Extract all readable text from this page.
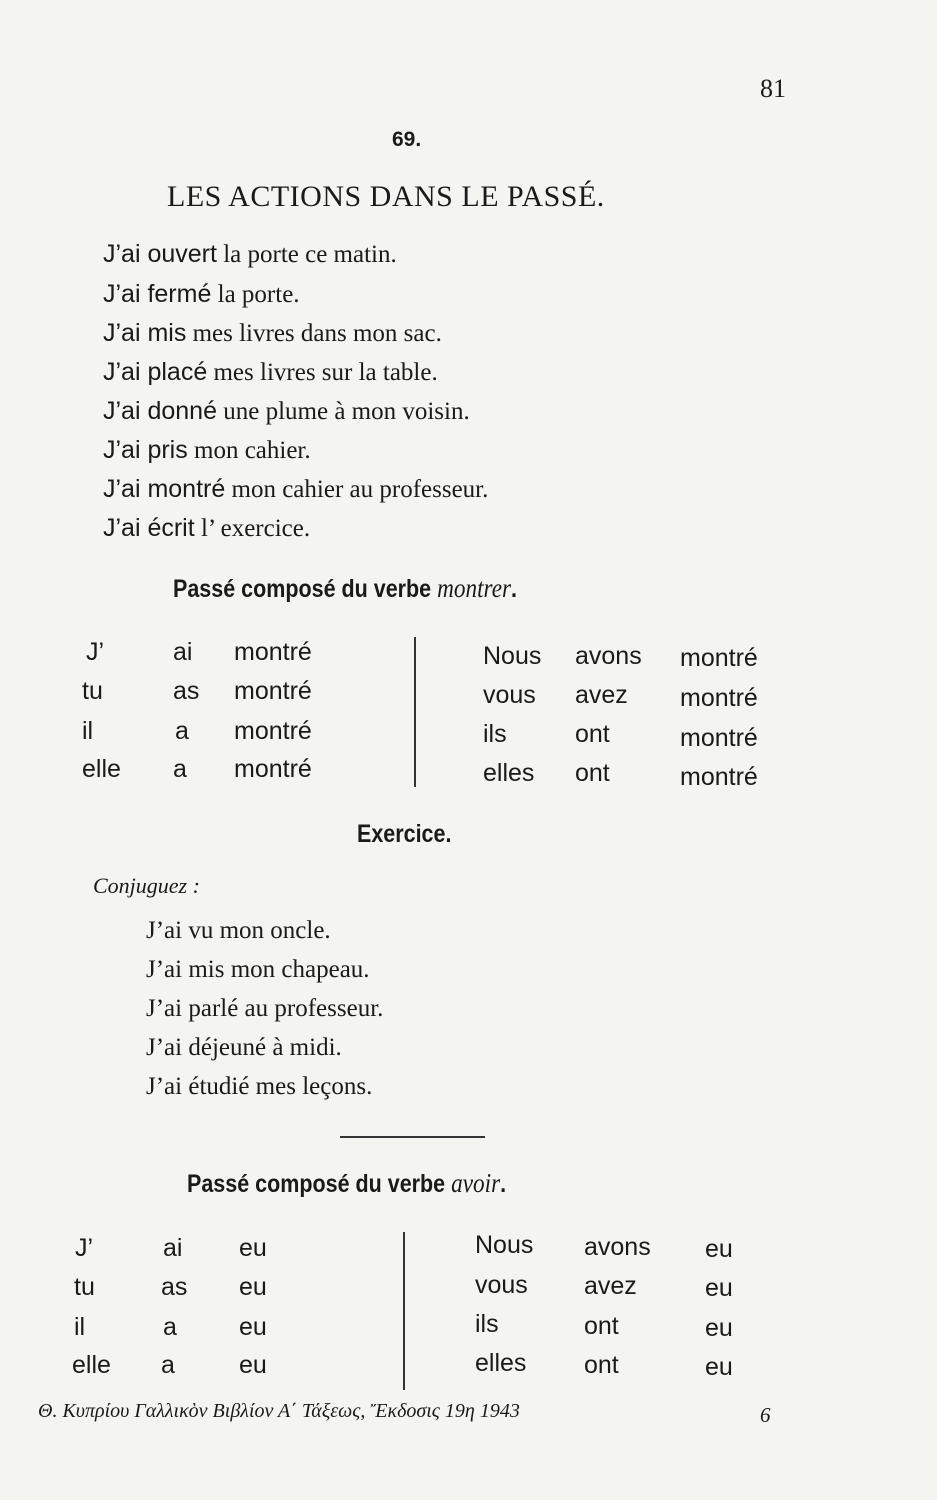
81
69.
LES ACTIONS DANS LE PASSÉ.
J’ai ouvert la porte ce matin.
J’ai fermé la porte.
J’ai mis mes livres dans mon sac.
J’ai placé mes livres sur la table.
J’ai donné une plume à mon voisin.
J’ai pris mon cahier.
J’ai montré mon cahier au professeur.
J’ai écrit l’ exercice.
Passé composé du verbe montrer.
J’	ai montré
tu	as montré
il	a montré
elle a montré
Nous avons montré
vous avez montré
ils	ont	montré
elles ont	montré
Exercice.
Conjuguez :
J’ai vu mon oncle.
J’ai mis mon chapeau.
J’ai parlé au professeur.
J’ai déjeuné à midi.
J’ai étudié mes leçons.
Passé composé du verbe avoir.
J’	ai eu
tu	as eu
il	a eu
elle a	eu
Nous avons eu
vous avez	eu
ils	ont	eu
elles ont	eu
Θ. Κυπρίου Γαλλικὸν Βιβλίον Α΄ Τάξεως, Ἔκδοσις 19η 1943	6
